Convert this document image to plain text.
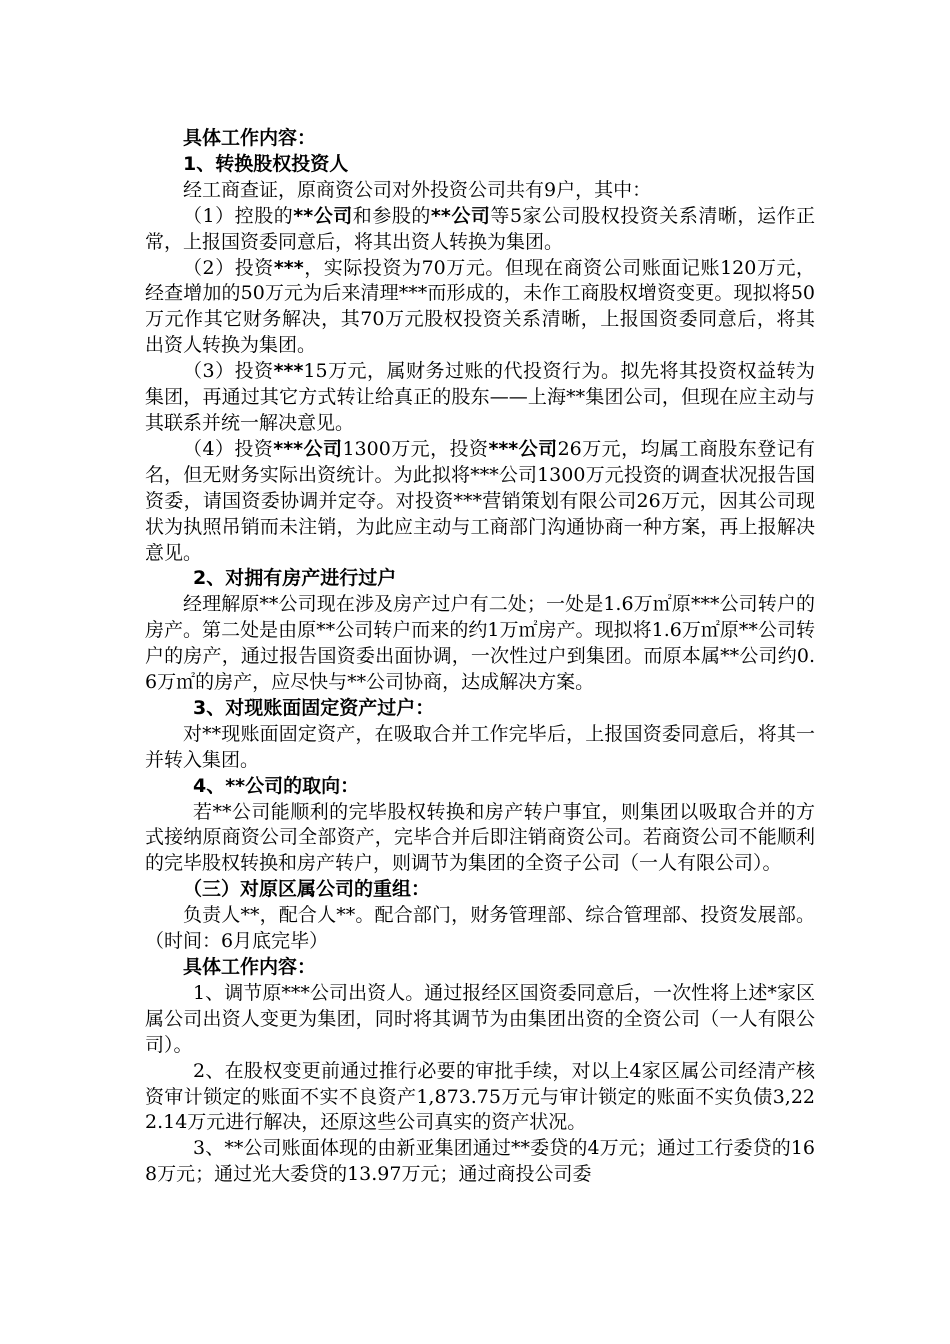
具体工作内容：

1、转换股权投资人

经工商查证，原商资公司对外投资公司共有9户，其中：

（1）控股的**公司和参股的**公司等5家公司股权投资关系清晰，运作正常，上报国资委同意后，将其出资人转换为集团。

（2）投资***，实际投资为70万元。但现在商资公司账面记账120万元，经查增加的50万元为后来清理***而形成的，未作工商股权增资变更。现拟将50万元作其它财务解决，其70万元股权投资关系清晰，上报国资委同意后，将其出资人转换为集团。

（3）投资***15万元，属财务过账的代投资行为。拟先将其投资权益转为集团，再通过其它方式转让给真正的股东——上海**集团公司，但现在应主动与其联系并统一解决意见。

（4）投资***公司1300万元，投资***公司26万元，均属工商股东登记有名，但无财务实际出资统计。为此拟将***公司1300万元投资的调查状况报告国资委，请国资委协调并定夺。对投资***营销策划有限公司26万元，因其公司现状为执照吊销而未注销，为此应主动与工商部门沟通协商一种方案，再上报解决意见。

2、对拥有房产进行过户

经理解原**公司现在涉及房产过户有二处；一处是1.6万㎡原***公司转户的房产。第二处是由原**公司转户而来的约1万㎡房产。现拟将1.6万㎡原**公司转户的房产，通过报告国资委出面协调，一次性过户到集团。而原本属**公司约0.6万㎡的房产，应尽快与**公司协商，达成解决方案。

3、对现账面固定资产过户：

对**现账面固定资产，在吸取合并工作完毕后，上报国资委同意后，将其一并转入集团。

4、**公司的取向：

若**公司能顺利的完毕股权转换和房产转户事宜，则集团以吸取合并的方式接纳原商资公司全部资产，完毕合并后即注销商资公司。若商资公司不能顺利的完毕股权转换和房产转户，则调节为集团的全资子公司（一人有限公司）。

（三）对原区属公司的重组：

负责人**，配合人**。配合部门，财务管理部、综合管理部、投资发展部。（时间：6月底完毕）

具体工作内容：

1、调节原***公司出资人。通过报经区国资委同意后，一次性将上述*家区属公司出资人变更为集团，同时将其调节为由集团出资的全资公司（一人有限公司）。

2、在股权变更前通过推行必要的审批手续，对以上4家区属公司经清产核资审计锁定的账面不实不良资产1,873.75万元与审计锁定的账面不实负债3,222.14万元进行解决，还原这些公司真实的资产状况。

3、**公司账面体现的由新亚集团通过**委贷的4万元；通过工行委贷的168万元；通过光大委贷的13.97万元；通过商投公司委
